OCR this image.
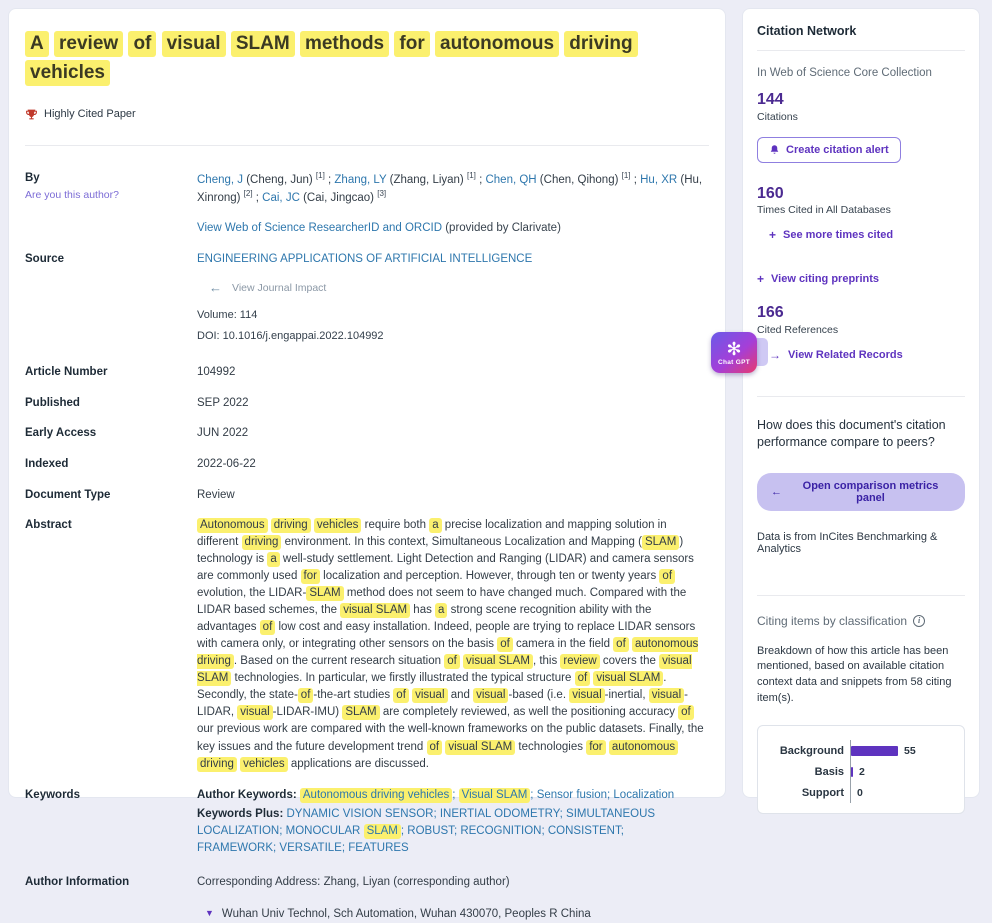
A review of visual SLAM methods for autonomous driving vehicles
Highly Cited Paper
By
Are you this author?
Cheng, J (Cheng, Jun) [1] ; Zhang, LY (Zhang, Liyan) [1] ; Chen, QH (Chen, Qihong) [1] ; Hu, XR (Hu, Xinrong) [2] ; Cai, JC (Cai, Jingcao) [3]
View Web of Science ResearcherID and ORCID (provided by Clarivate)
Source	ENGINEERING APPLICATIONS OF ARTIFICIAL INTELLIGENCE
← View Journal Impact
Volume: 114
DOI: 10.1016/j.engappai.2022.104992
Article Number	104992
Published	SEP 2022
Early Access	JUN 2022
Indexed	2022-06-22
Document Type	Review
Abstract	Autonomous driving vehicles require both a precise localization and mapping solution in different driving environment. In this context, Simultaneous Localization and Mapping ( SLAM ) technology is a well-study settlement. Light Detection and Ranging (LIDAR) and camera sensors are commonly used for localization and perception. However, through ten or twenty years of evolution, the LIDAR- SLAM method does not seem to have changed much. Compared with the LIDAR based schemes, the visual SLAM has a strong scene recognition ability with the advantages of low cost and easy installation. Indeed, people are trying to replace LIDAR sensors with camera only, or integrating other sensors on the basis of camera in the field of autonomous driving . Based on the current research situation of visual SLAM , this review covers the visual SLAM technologies. In particular, we firstly illustrated the typical structure of visual SLAM . Secondly, the state- of -the-art studies of visual and visual -based (i.e. visual -inertial, visual -LIDAR, visual -LIDAR-IMU) SLAM are completely reviewed, as well the positioning accuracy of our previous work are compared with the well-known frameworks on the public datasets. Finally, the key issues and the future development trend of visual SLAM technologies for autonomous driving vehicles applications are discussed.
Keywords	Author Keywords: Autonomous driving vehicles ; Visual SLAM ; Sensor fusion; Localization
Keywords Plus: DYNAMIC VISION SENSOR; INERTIAL ODOMETRY; SIMULTANEOUS LOCALIZATION; MONOCULAR SLAM ; ROBUST; RECOGNITION; CONSISTENT; FRAMEWORK; VERSATILE; FEATURES
Author Information	Corresponding Address: Zhang, Liyan (corresponding author)
▼ Wuhan Univ Technol, Sch Automation, Wuhan 430070, Peoples R China
Citation Network
In Web of Science Core Collection
144
Citations
Create citation alert
160
Times Cited in All Databases
+ See more times cited
+ View citing preprints
166
Cited References
→ View Related Records
How does this document's citation performance compare to peers?
←	Open comparison metrics panel
Data is from InCites Benchmarking & Analytics
Citing items by classification	i
Breakdown of how this article has been mentioned, based on available citation context data and snippets from 58 citing item(s).
Background	55
Basis	2
Support	0
✻
Chat GPT
